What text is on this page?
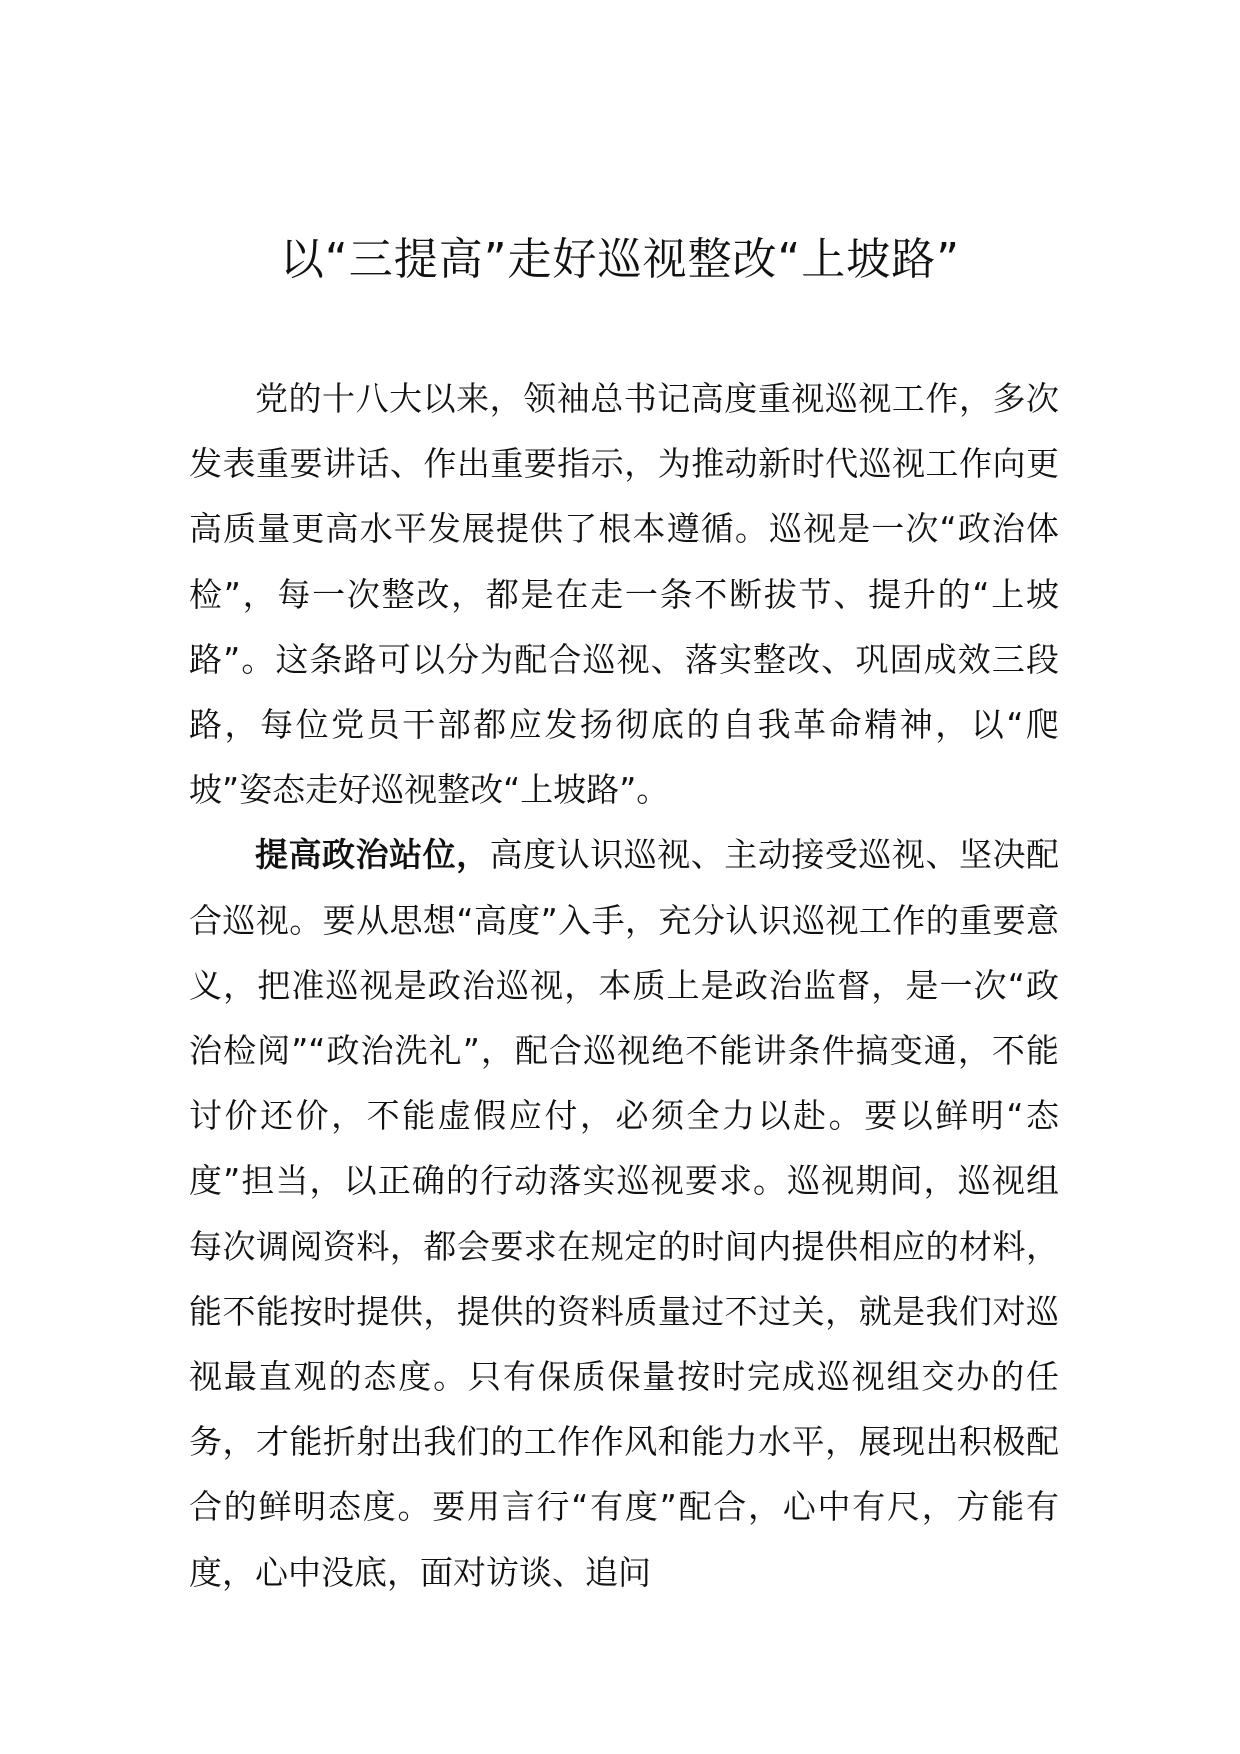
以“三提高”走好巡视整改“上坡路”

党的十八大以来，领袖总书记高度重视巡视工作，多次发表重要讲话、作出重要指示，为推动新时代巡视工作向更高质量更高水平发展提供了根本遵循。巡视是一次“政治体检”，每一次整改，都是在走一条不断拔节、提升的“上坡路”。这条路可以分为配合巡视、落实整改、巩固成效三段路，每位党员干部都应发扬彻底的自我革命精神，以“爬坡”姿态走好巡视整改“上坡路”。

提高政治站位，高度认识巡视、主动接受巡视、坚决配合巡视。要从思想“高度”入手，充分认识巡视工作的重要意义，把准巡视是政治巡视，本质上是政治监督，是一次“政治检阅”“政治洗礼”，配合巡视绝不能讲条件搞变通，不能讨价还价，不能虚假应付，必须全力以赴。要以鲜明“态度”担当，以正确的行动落实巡视要求。巡视期间，巡视组每次调阅资料，都会要求在规定的时间内提供相应的材料，能不能按时提供，提供的资料质量过不过关，就是我们对巡视最直观的态度。只有保质保量按时完成巡视组交办的任务，才能折射出我们的工作作风和能力水平，展现出积极配合的鲜明态度。要用言行“有度”配合，心中有尺，方能有度，心中没底，面对访谈、追问
